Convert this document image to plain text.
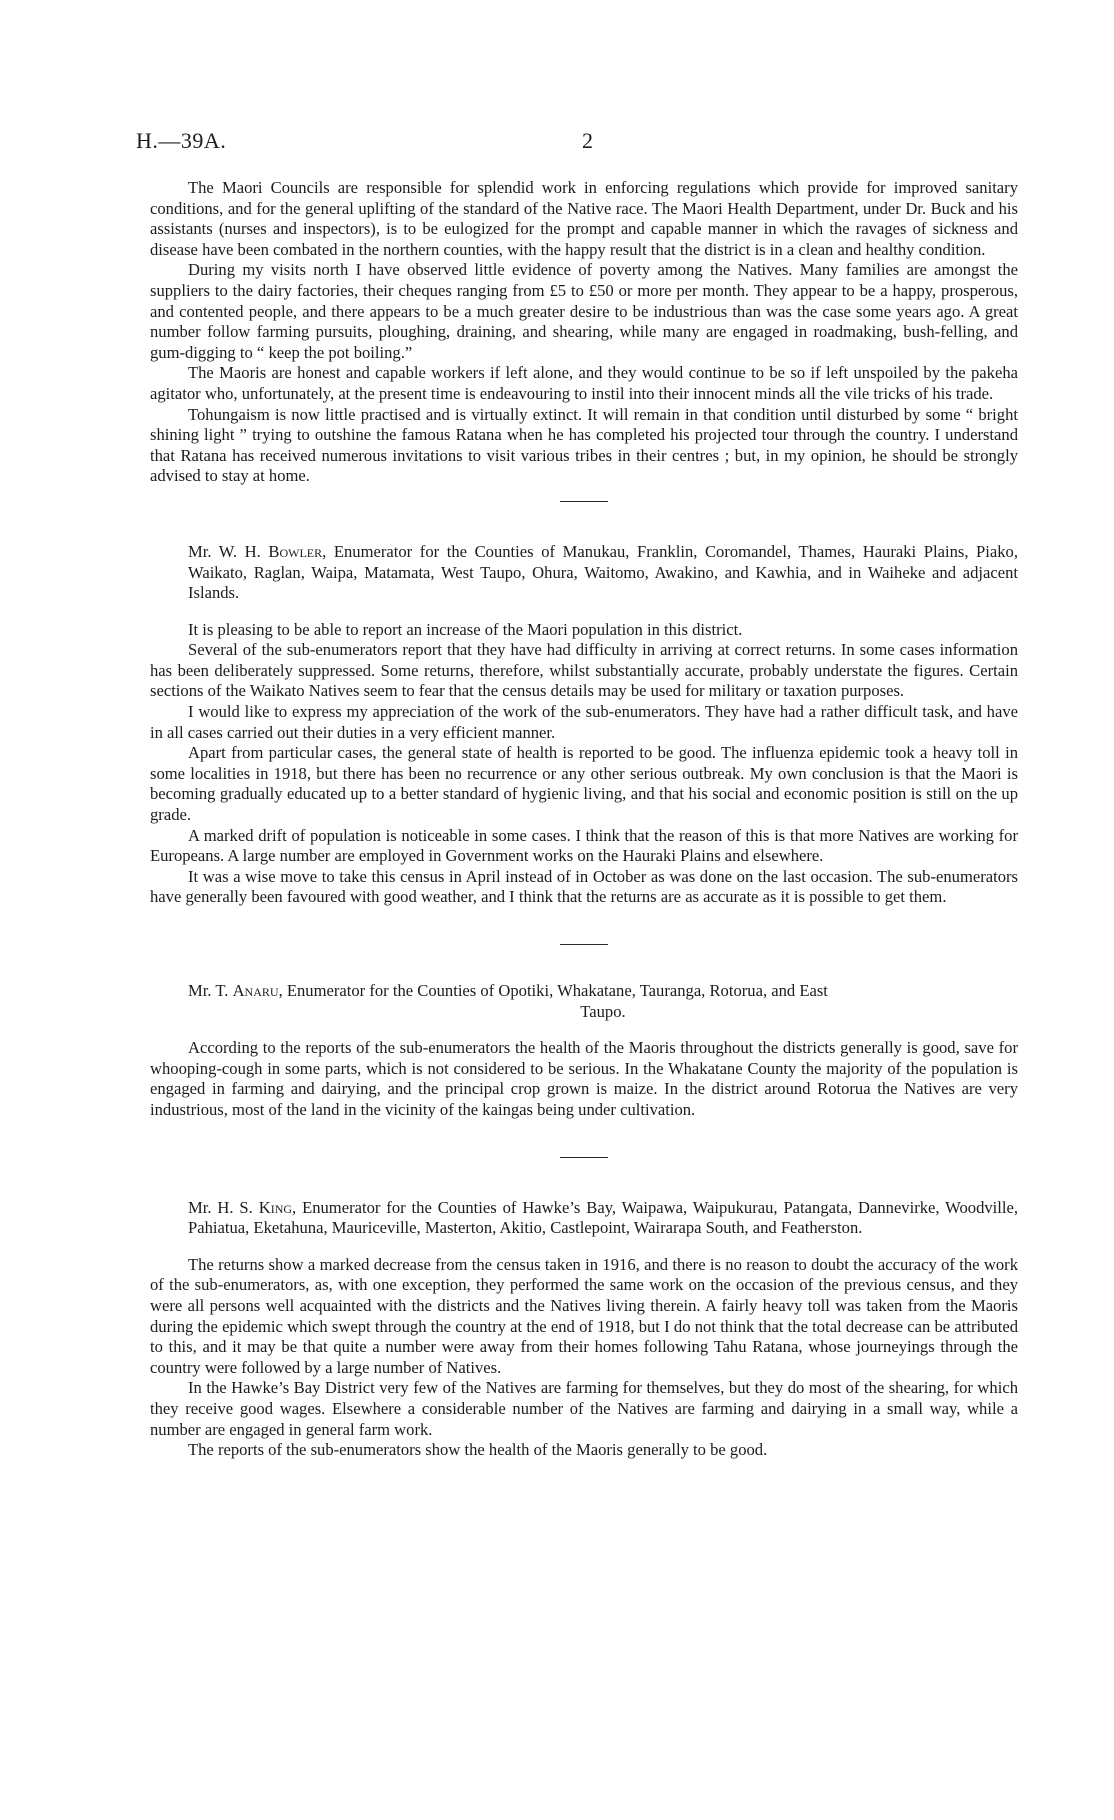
H.—39A.	2

The Maori Councils are responsible for splendid work in enforcing regulations which provide for improved sanitary conditions, and for the general uplifting of the standard of the Native race. The Maori Health Department, under Dr. Buck and his assistants (nurses and inspectors), is to be eulogized for the prompt and capable manner in which the ravages of sickness and disease have been combated in the northern counties, with the happy result that the district is in a clean and healthy condition.

During my visits north I have observed little evidence of poverty among the Natives. Many families are amongst the suppliers to the dairy factories, their cheques ranging from £5 to £50 or more per month. They appear to be a happy, prosperous, and contented people, and there appears to be a much greater desire to be industrious than was the case some years ago. A great number follow farming pursuits, ploughing, draining, and shearing, while many are engaged in roadmaking, bush-felling, and gum-digging to “ keep the pot boiling.”

The Maoris are honest and capable workers if left alone, and they would continue to be so if left unspoiled by the pakeha agitator who, unfortunately, at the present time is endeavouring to instil into their innocent minds all the vile tricks of his trade.

Tohungaism is now little practised and is virtually extinct. It will remain in that condition until disturbed by some “ bright shining light ” trying to outshine the famous Ratana when he has completed his projected tour through the country. I understand that Ratana has received numerous invitations to visit various tribes in their centres ; but, in my opinion, he should be strongly advised to stay at home.

Mr. W. H. Bowler, Enumerator for the Counties of Manukau, Franklin, Coromandel, Thames, Hauraki Plains, Piako, Waikato, Raglan, Waipa, Matamata, West Taupo, Ohura, Waitomo, Awakino, and Kawhia, and in Waiheke and adjacent Islands.

It is pleasing to be able to report an increase of the Maori population in this district.

Several of the sub-enumerators report that they have had difficulty in arriving at correct returns. In some cases information has been deliberately suppressed. Some returns, therefore, whilst substantially accurate, probably understate the figures. Certain sections of the Waikato Natives seem to fear that the census details may be used for military or taxation purposes.

I would like to express my appreciation of the work of the sub-enumerators. They have had a rather difficult task, and have in all cases carried out their duties in a very efficient manner.

Apart from particular cases, the general state of health is reported to be good. The influenza epidemic took a heavy toll in some localities in 1918, but there has been no recurrence or any other serious outbreak. My own conclusion is that the Maori is becoming gradually educated up to a better standard of hygienic living, and that his social and economic position is still on the up grade.

A marked drift of population is noticeable in some cases. I think that the reason of this is that more Natives are working for Europeans. A large number are employed in Government works on the Hauraki Plains and elsewhere.

It was a wise move to take this census in April instead of in October as was done on the last occasion. The sub-enumerators have generally been favoured with good weather, and I think that the returns are as accurate as it is possible to get them.

Mr. T. Anaru, Enumerator for the Counties of Opotiki, Whakatane, Tauranga, Rotorua, and East
Taupo.

According to the reports of the sub-enumerators the health of the Maoris throughout the districts generally is good, save for whooping-cough in some parts, which is not considered to be serious. In the Whakatane County the majority of the population is engaged in farming and dairying, and the principal crop grown is maize. In the district around Rotorua the Natives are very industrious, most of the land in the vicinity of the kaingas being under cultivation.

Mr. H. S. King, Enumerator for the Counties of Hawke’s Bay, Waipawa, Waipukurau, Patangata, Dannevirke, Woodville, Pahiatua, Eketahuna, Mauriceville, Masterton, Akitio, Castlepoint, Wairarapa South, and Featherston.

The returns show a marked decrease from the census taken in 1916, and there is no reason to doubt the accuracy of the work of the sub-enumerators, as, with one exception, they performed the same work on the occasion of the previous census, and they were all persons well acquainted with the districts and the Natives living therein. A fairly heavy toll was taken from the Maoris during the epidemic which swept through the country at the end of 1918, but I do not think that the total decrease can be attributed to this, and it may be that quite a number were away from their homes following Tahu Ratana, whose journeyings through the country were followed by a large number of Natives.

In the Hawke’s Bay District very few of the Natives are farming for themselves, but they do most of the shearing, for which they receive good wages. Elsewhere a considerable number of the Natives are farming and dairying in a small way, while a number are engaged in general farm work.

The reports of the sub-enumerators show the health of the Maoris generally to be good.
